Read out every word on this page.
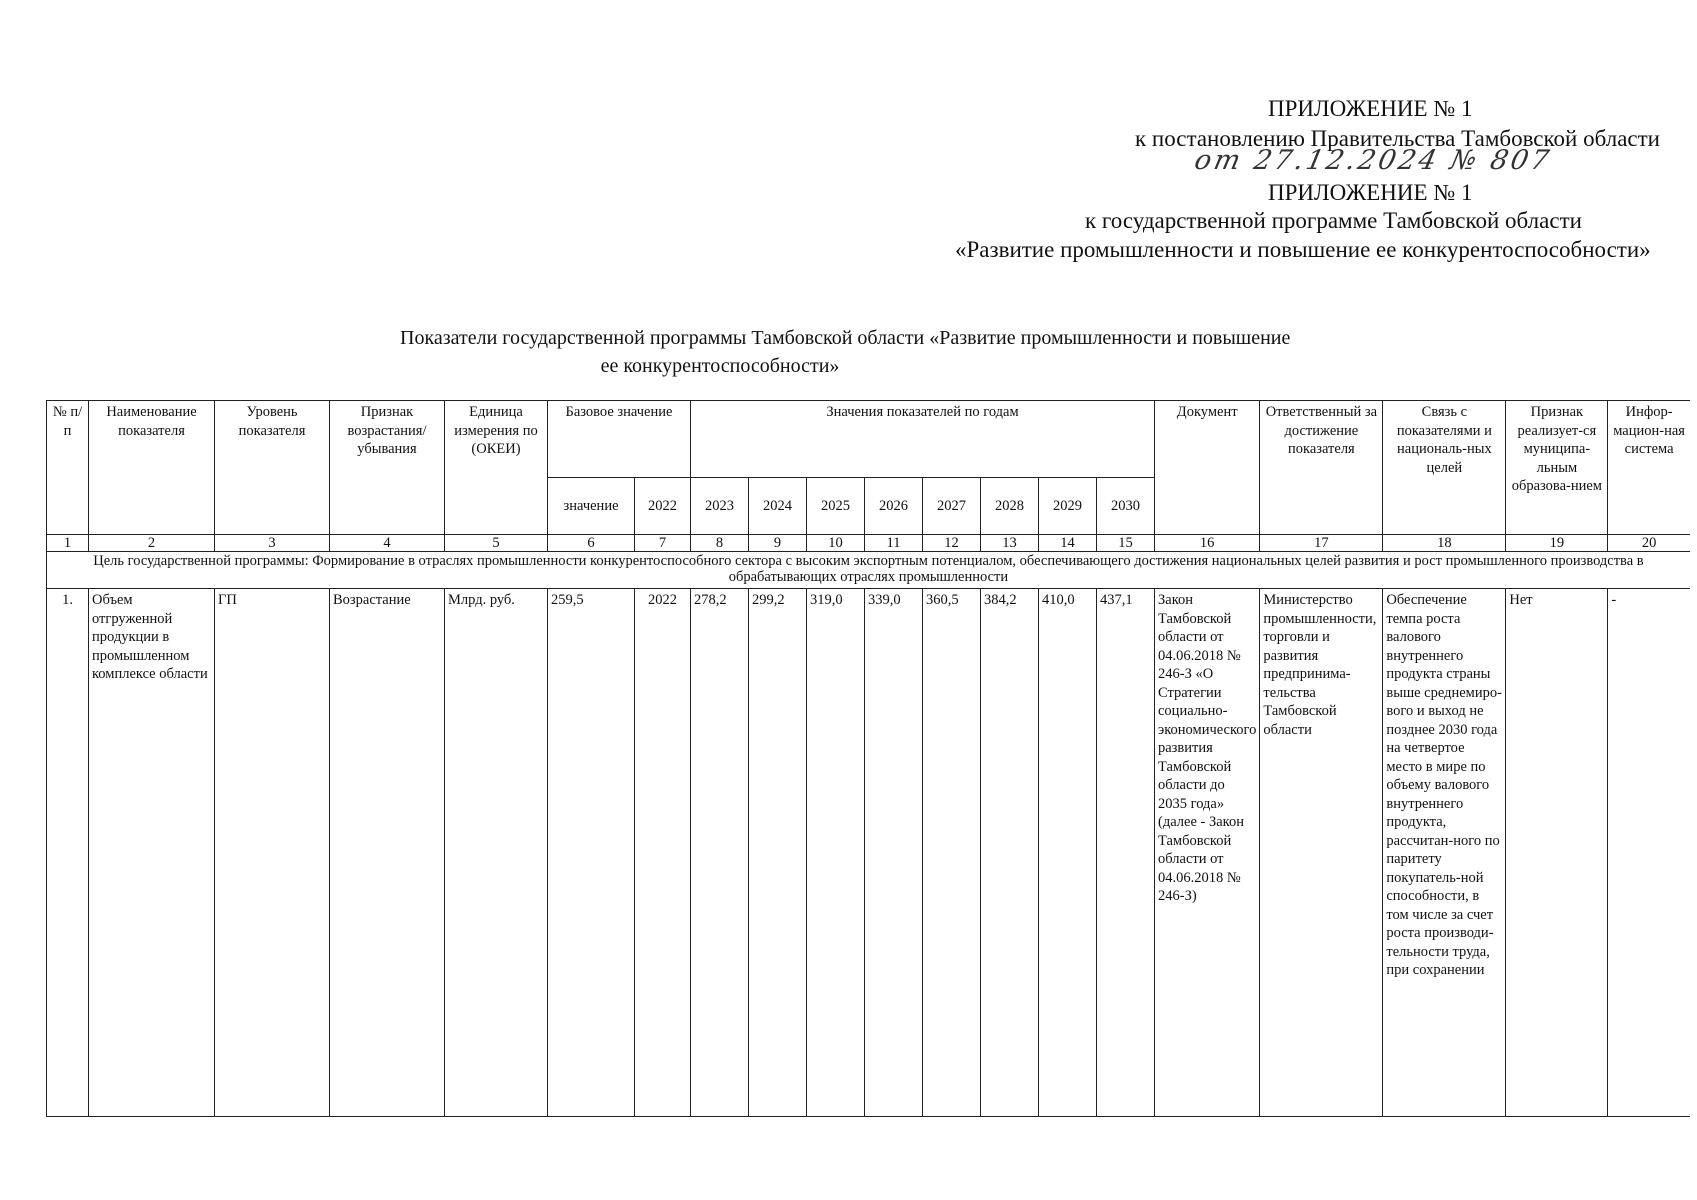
ПРИЛОЖЕНИЕ № 1
к постановлению Правительства Тамбовской области
от 27.12.2024 № 807
ПРИЛОЖЕНИЕ № 1
к государственной программе Тамбовской области
«Развитие промышленности и повышение ее конкурентоспособности»
Показатели государственной программы Тамбовской области «Развитие промышленности и повышение
ее конкурентоспособности»
№ п/ п	Наименование показателя	Уровень показателя	Признак возрастания/ убывания	Единица измерения по (ОКЕИ)	Базовое значение		Значения показателей по годам								Документ	Ответственный за достижение показателя	Связь с показателями и националь-ных целей	Признак реализует-ся муниципа-льным образова-нием	Инфор-мацион-ная система
					значение	2022	2023	2024	2025	2026	2027	2028	2029	2030					
1	2	3	4	5	6	7	8	9	10	11	12	13	14	15	16	17	18	19	20
Цель государственной программы: Формирование в отраслях промышленности конкурентоспособного сектора с высоким экспортным потенциалом, обеспечивающего достижения национальных целей развития и рост промышленного производства в обрабатывающих отраслях промышленности																			
1.	Объем отгруженной продукции в промышленном комплексе области	ГП	Возрастание	Млрд. руб.	259,5	2022	278,2	299,2	319,0	339,0	360,5	384,2	410,0	437,1	Закон Тамбовской области от 04.06.2018 № 246-З «О Стратегии социально-экономического развития Тамбовской области до 2035 года» (далее - Закон Тамбовской области от 04.06.2018 № 246-З)	Министерство промышленности, торговли и развития предпринима-тельства Тамбовской области	Обеспечение темпа роста валового внутреннего продукта страны выше среднемиро-вого и выход не позднее 2030 года на четвертое место в мире по объему валового внутреннего продукта, рассчитан-ного по паритету покупатель-ной способности, в том числе за счет роста производи-тельности труда, при сохранении	Нет	-
